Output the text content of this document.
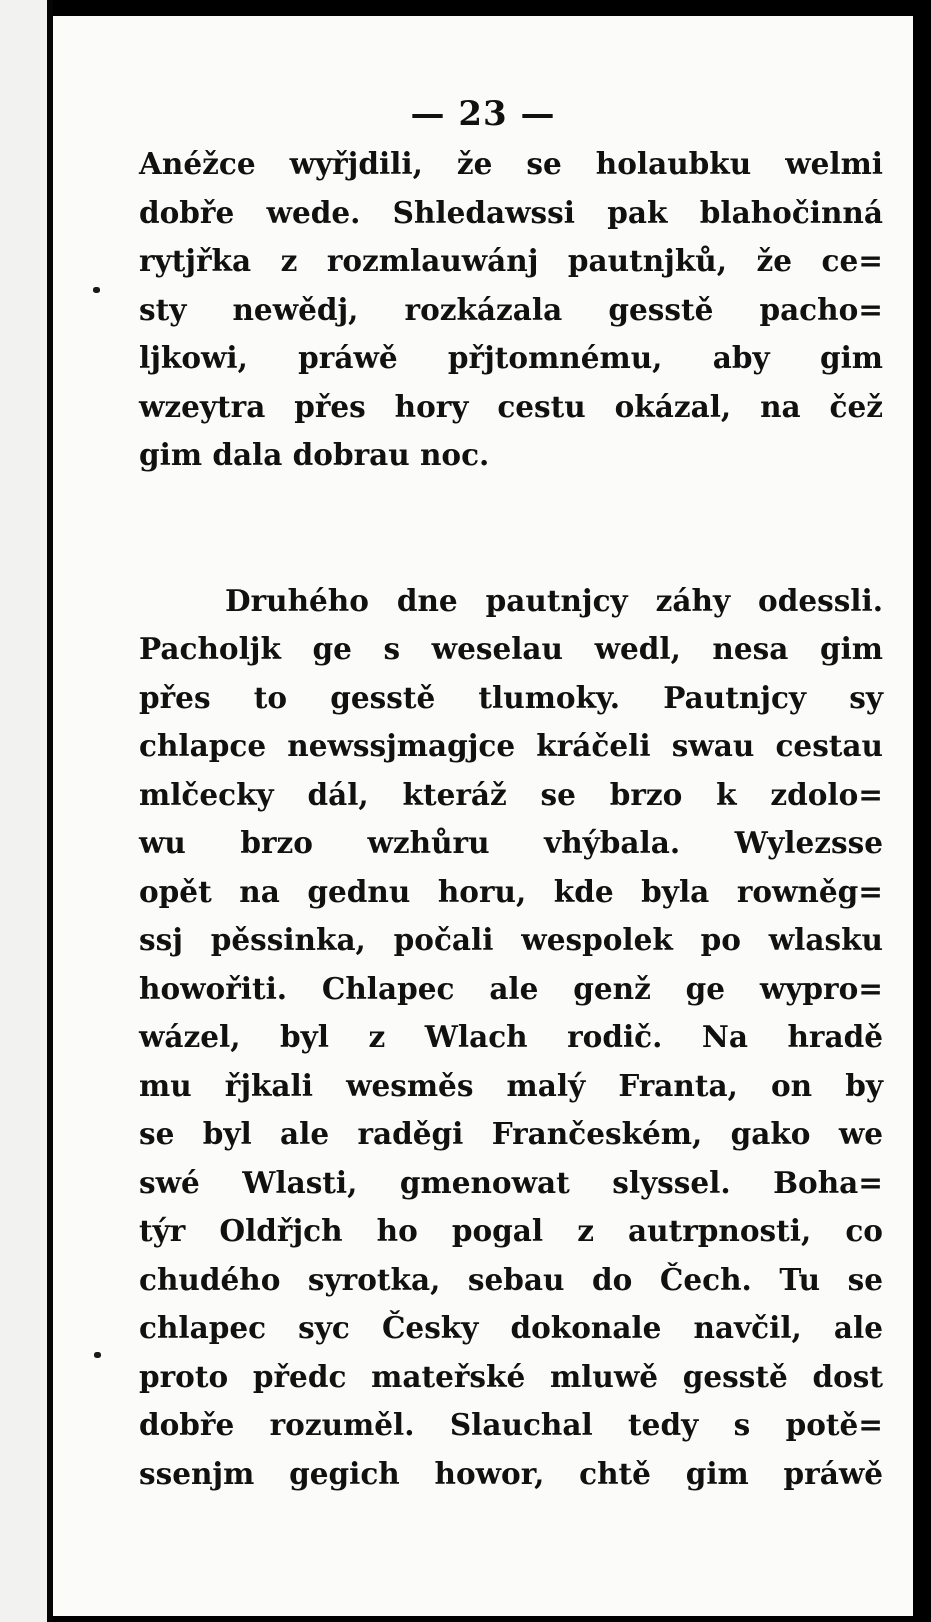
— 23 —
Anéžce wyřjdili, že se holaubku welmi
dobře wede. Shledawssi pak blahočinná
rytjřka z rozmlauwánj pautnjků, že ce=
sty newědj, rozkázala gesstě pacho=
ljkowi, práwě přjtomnému, aby gim
wzeytra přes hory cestu okázal, na čež
gim dala dobrau noc.
Druhého dne pautnjcy záhy odessli.
Pacholjk ge s weselau wedl, nesa gim
přes to gesstě tlumoky. Pautnjcy sy
chlapce newssjmagjce kráčeli swau cestau
mlčecky dál, kteráž se brzo k zdolo=
wu brzo wzhůru vhýbala. Wylezsse
opět na gednu horu, kde byla rowněg=
ssj pěssinka, počali wespolek po wlasku
howořiti. Chlapec ale genž ge wypro=
wázel, byl z Wlach rodič. Na hradě
mu řjkali wesměs malý Franta, on by
se byl ale raděgi Frančeském, gako we
swé Wlasti, gmenowat slyssel. Boha=
týr Oldřjch ho pogal z autrpnosti, co
chudého syrotka, sebau do Čech. Tu se
chlapec syc Česky dokonale navčil, ale
proto předc mateřské mluwě gesstě dost
dobře rozuměl. Slauchal tedy s potě=
ssenjm gegich howor, chtě gim práwě
